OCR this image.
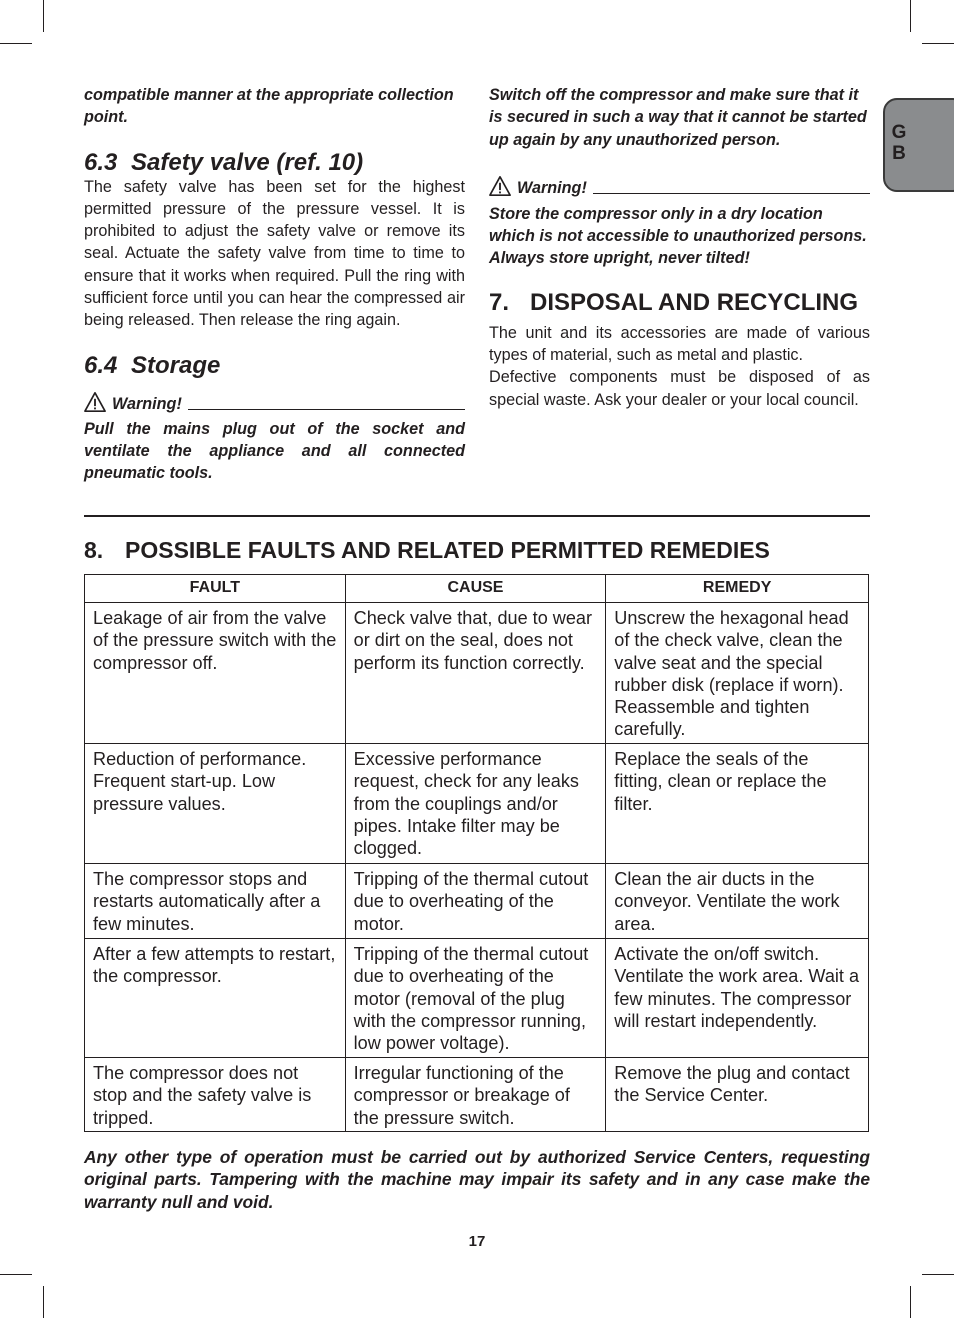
G
B

compatible manner at the appropriate collection point.

6.3 Safety valve (ref. 10)

The safety valve has been set for the highest permitted pressure of the pressure vessel. It is prohibited to adjust the safety valve or remove its seal. Actuate the safety valve from time to time to ensure that it works when required. Pull the ring with sufficient force until you can hear the compressed air being released. Then release the ring again.

6.4 Storage
Warning!

Pull the mains plug out of the socket and ventilate the appliance and all connected pneumatic tools.

Switch off the compressor and make sure that it is secured in such a way that it cannot be started up again by any unauthorized person.

Warning!

Store the compressor only in a dry location which is not accessible to unauthorized persons. Always store upright, never tilted!

7. DISPOSAL AND RECYCLING

The unit and its accessories are made of various types of material, such as metal and plastic.

Defective components must be disposed of as special waste. Ask your dealer or your local council.

8. POSSIBLE FAULTS AND RELATED PERMITTED REMEDIES
FAULT	CAUSE	REMEDY
Leakage of air from the valve of the pressure switch with the compressor off.	Check valve that, due to wear or dirt on the seal, does not perform its function correctly.	Unscrew the hexagonal head of the check valve, clean the valve seat and the special rubber disk (replace if worn). Reassemble and tighten carefully.
Reduction of performance. Frequent start-up. Low pressure values.	Excessive performance request, check for any leaks from the couplings and/or pipes. Intake filter may be clogged.	Replace the seals of the fitting, clean or replace the filter.
The compressor stops and restarts automatically after a few minutes.	Tripping of the thermal cutout due to overheating of the motor.	Clean the air ducts in the conveyor. Ventilate the work area.
After a few attempts to restart, the compressor.	Tripping of the thermal cutout due to overheating of the motor (removal of the plug with the compressor running, low power voltage).	Activate the on/off switch. Ventilate the work area. Wait a few minutes. The compressor will restart independently.
The compressor does not stop and the safety valve is tripped.	Irregular functioning of the compressor or breakage of the pressure switch.	Remove the plug and contact the Service Center.
Any other type of operation must be carried out by authorized Service Centers, requesting original parts. Tampering with the machine may impair its safety and in any case make the warranty null and void.
17
